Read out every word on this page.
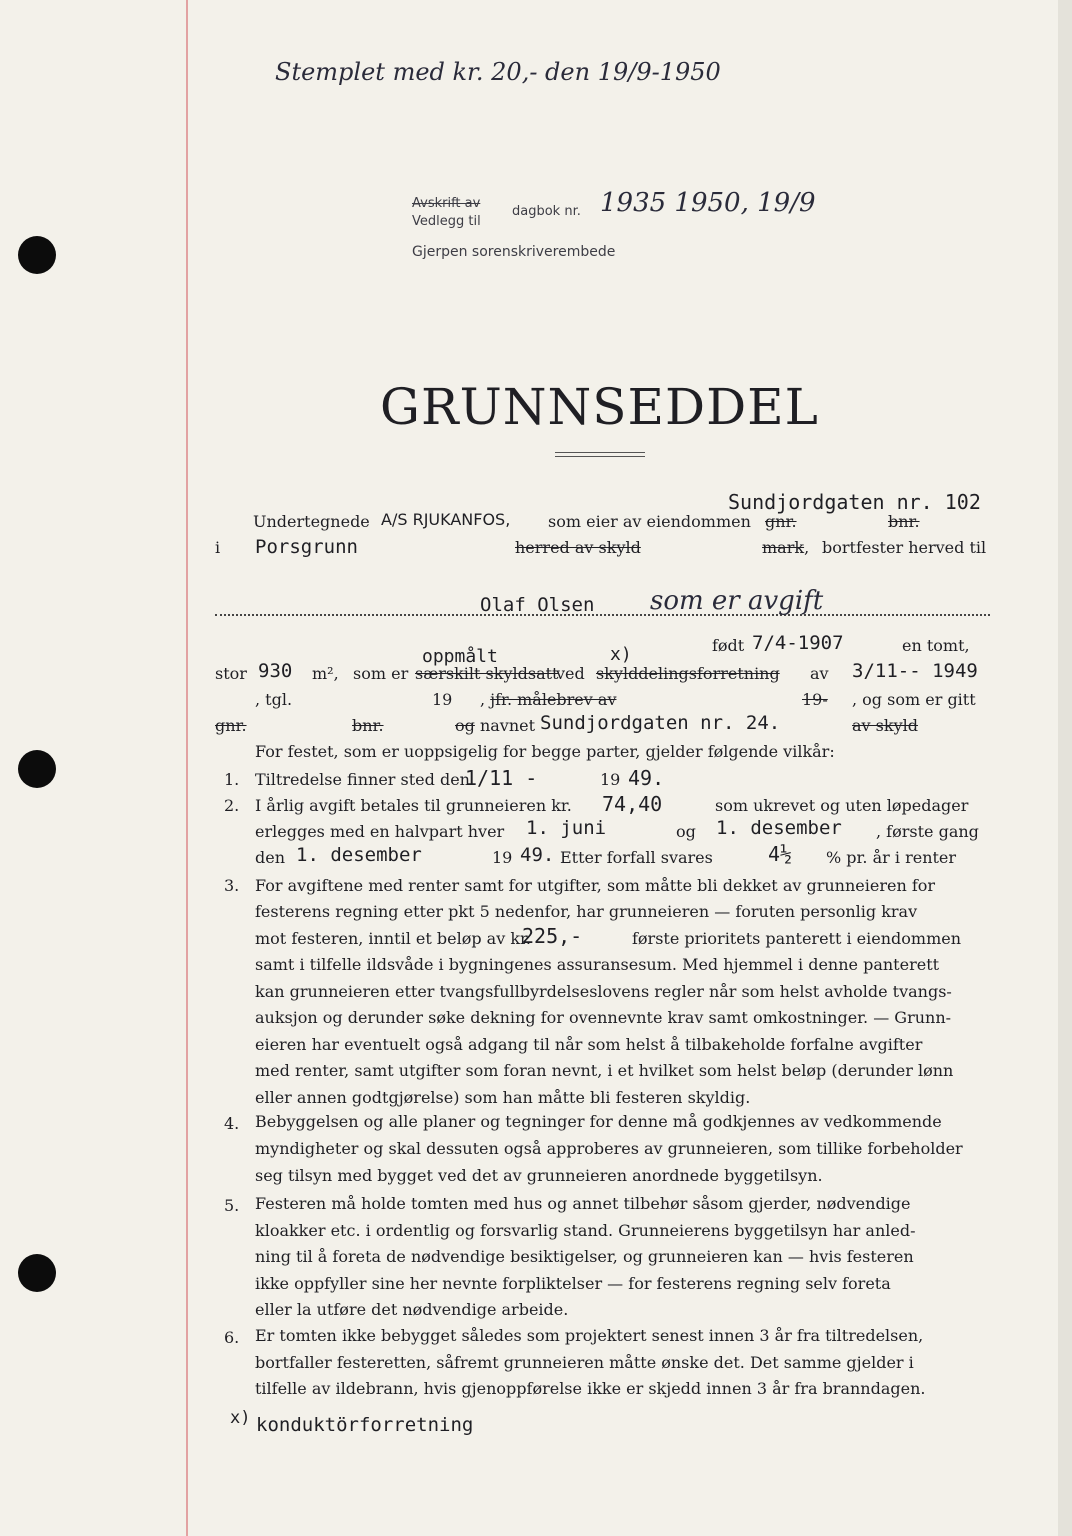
Stemplet med kr. 20,- den 19/9-1950
Avskrift av
Vedlegg til
dagbok nr. 1935 1950, 19/9
Gjerpen sorenskriverembede
GRUNNSEDDEL
Sundjordgaten nr. 102
Undertegnede A/S RJUKANFOS, som eier av eiendommen gnr.	bnr.
i Porsgrunn	herred av skyld	mark, bortfester herved til
Olaf Olsen som er avgift
født 7/4-1907	en tomt,
oppmålt	x)
stor 930 m², som er særskilt skyldsatt
ved skylddelingsforretning av 3/11-- 1949
, tgl.	19 , jfr. målebrev av	19- , og som er gitt
gnr.	bnr.	og navnet Sundjordgaten nr. 24.	av skyld
For festet, som er uoppsigelig for begge parter, gjelder følgende vilkår:
1. Tiltredelse finner sted den
1/11 -	19 49.
2. I årlig avgift betales til grunneieren kr. 74,40	som ukrevet og uten løpedager
erlegges med en halvpart hver 1. juni	og 1. desember , første gang
den 1. desember	19 49. Etter forfall svares	4½ % pr. år i renter
3. For avgiftene med renter samt for utgifter, som måtte bli dekket av grunneieren for
festerens regning etter pkt 5 nedenfor, har grunneieren — foruten personlig krav
mot festeren, inntil et beløp av kr.
225,-	første prioritets panterett i eiendommen
samt i tilfelle ildsvåde i bygningenes assuransesum. Med hjemmel i denne panterett
kan grunneieren etter tvangsfullbyrdelseslovens regler når som helst avholde tvangs-
auksjon og derunder søke dekning for ovennevnte krav samt omkostninger. — Grunn-
eieren har eventuelt også adgang til når som helst å tilbakeholde forfalne avgifter
med renter, samt utgifter som foran nevnt, i et hvilket som helst beløp (derunder lønn
eller annen godtgjørelse) som han måtte bli festeren skyldig.
4. Bebyggelsen og alle planer og tegninger for denne må godkjennes av vedkommende
myndigheter og skal dessuten også approberes av grunneieren, som tillike forbeholder
seg tilsyn med bygget ved det av grunneieren anordnede byggetilsyn.
5. Festeren må holde tomten med hus og annet tilbehør såsom gjerder, nødvendige
kloakker etc. i ordentlig og forsvarlig stand. Grunneierens byggetilsyn har anled-
ning til å foreta de nødvendige besiktigelser, og grunneieren kan — hvis festeren
ikke oppfyller sine her nevnte forpliktelser — for festerens regning selv foreta
eller la utføre det nødvendige arbeide.
6. Er tomten ikke bebygget således som projektert senest innen 3 år fra tiltredelsen,
bortfaller festeretten, såfremt grunneieren måtte ønske det. Det samme gjelder i
tilfelle av ildebrann, hvis gjenoppførelse ikke er skjedd innen 3 år fra branndagen.
x) konduktörforretning
